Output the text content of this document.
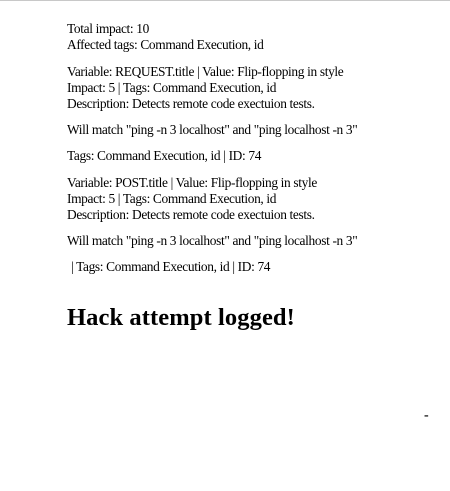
Total impact: 10
Affected tags: Command Execution, id
Variable: REQUEST.title | Value: Flip-flopping in style
Impact: 5 | Tags: Command Execution, id
Description: Detects remote code exectuion tests.
Will match "ping -n 3 localhost" and "ping localhost -n 3"
Tags: Command Execution, id | ID: 74
Variable: POST.title | Value: Flip-flopping in style
Impact: 5 | Tags: Command Execution, id
Description: Detects remote code exectuion tests.
Will match "ping -n 3 localhost" and "ping localhost -n 3"
| Tags: Command Execution, id | ID: 74
Hack attempt logged!
-
